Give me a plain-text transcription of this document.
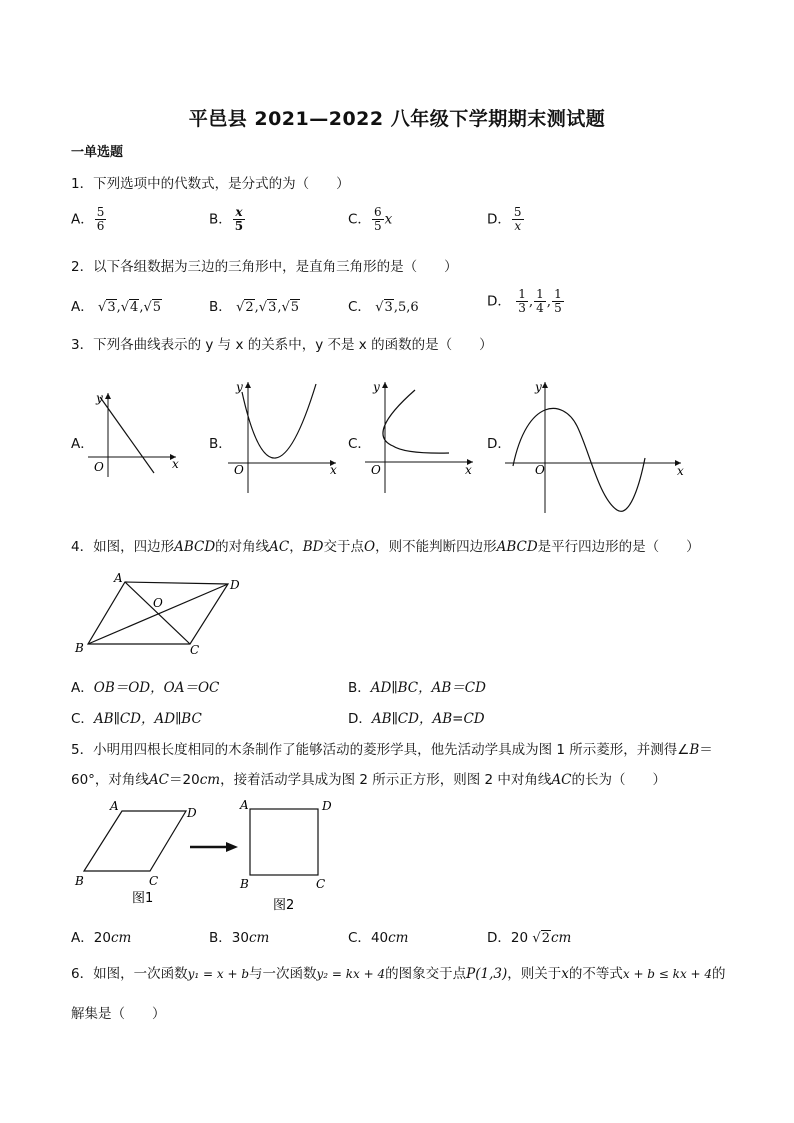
平邑县 2021—2022 八年级下学期期末测试题
一单选题
1．下列选项中的代数式，是分式的为（　　）
A． $\frac{5}{6}$	B． $\frac{x}{5}$	C． $\frac{6}{5}$ x	D． $\frac{5}{x}$
2．以下各组数据为三边的三角形中，是直角三角形的是（　　）
A． √3,√4,√5	B． √2,√3,√5	C． √3,5,6	D． $\frac{1}{3}$ , $\frac{1}{4}$ , $\frac{1}{5}$
3．下列各曲线表示的 y 与 x 的关系中，y 不是 x 的函数的是（　　）
A．
y
x
O
B．
y
x
O
C．
y
x
O
D．
y
x
O
4．如图，四边形ABCD的对角线AC，BD交于点O，则不能判断四边形ABCD是平行四边形的是（　　）
A	D
B	C
O
A．OB＝OD，OA＝OC	B．AD∥BC，AB＝CD
C．AB∥CD，AD∥BC	D．AB∥CD，AB=CD
5．小明用四根长度相同的木条制作了能够活动的菱形学具，他先活动学具成为图 1 所示菱形，并测得∠B＝
60°，对角线AC＝20cm，接着活动学具成为图 2 所示正方形，则图 2 中对角线AC的长为（　　）
A	D
B	C
图1
A	D
B	C
图2
A．20cm	B．30cm	C．40cm	D．20 √2cm
6．如图，一次函数y₁ = x + b与一次函数y₂ = kx + 4的图象交于点P(1,3)，则关于x的不等式x + b ≤ kx + 4的
解集是（　　）
